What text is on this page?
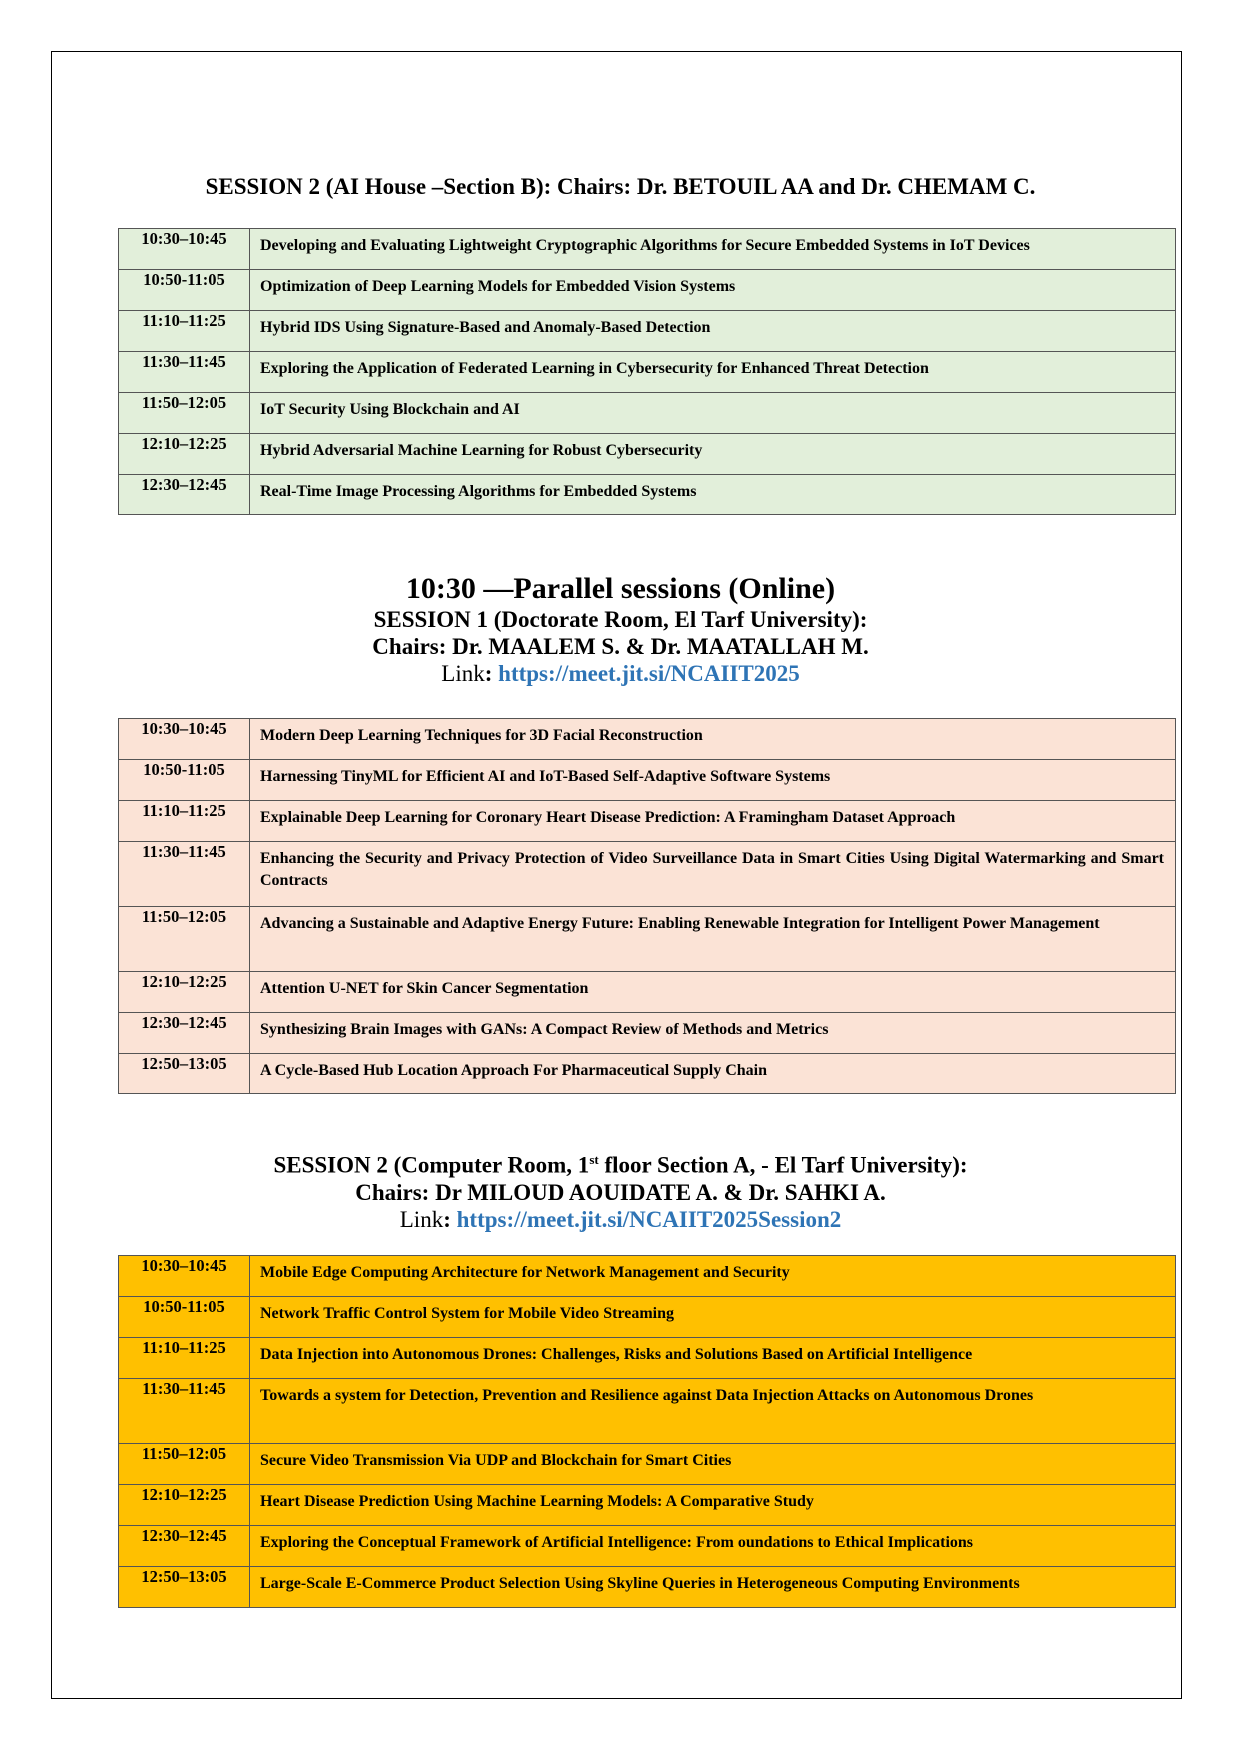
SESSION 2 (AI House –Section B): Chairs: Dr. BETOUIL AA and Dr. CHEMAM C.
10:30–10:45	Developing and Evaluating Lightweight Cryptographic Algorithms for Secure Embedded Systems in IoT Devices
10:50-11:05	Optimization of Deep Learning Models for Embedded Vision Systems
11:10–11:25	Hybrid IDS Using Signature-Based and Anomaly-Based Detection
11:30–11:45	Exploring the Application of Federated Learning in Cybersecurity for Enhanced Threat Detection
11:50–12:05	IoT Security Using Blockchain and AI
12:10–12:25	Hybrid Adversarial Machine Learning for Robust Cybersecurity
12:30–12:45	Real-Time Image Processing Algorithms for Embedded Systems
10:30 —Parallel sessions (Online)
SESSION 1 (Doctorate Room, El Tarf University):
Chairs: Dr. MAALEM S. & Dr. MAATALLAH M.
Link: https://meet.jit.si/NCAIIT2025
10:30–10:45	Modern Deep Learning Techniques for 3D Facial Reconstruction
10:50-11:05	Harnessing TinyML for Efficient AI and IoT-Based Self-Adaptive Software Systems
11:10–11:25	Explainable Deep Learning for Coronary Heart Disease Prediction: A Framingham Dataset Approach
11:30–11:45	Enhancing the Security and Privacy Protection of Video Surveillance Data in Smart Cities Using Digital Watermarking and Smart Contracts
11:50–12:05	Advancing a Sustainable and Adaptive Energy Future: Enabling Renewable Integration for Intelligent Power Management
12:10–12:25	Attention U-NET for Skin Cancer Segmentation
12:30–12:45	Synthesizing Brain Images with GANs: A Compact Review of Methods and Metrics
12:50–13:05	A Cycle-Based Hub Location Approach For Pharmaceutical Supply Chain
SESSION 2 (Computer Room, 1st floor Section A, - El Tarf University):
Chairs: Dr MILOUD AOUIDATE A. & Dr. SAHKI A.
Link: https://meet.jit.si/NCAIIT2025Session2
10:30–10:45	Mobile Edge Computing Architecture for Network Management and Security
10:50-11:05	Network Traffic Control System for Mobile Video Streaming
11:10–11:25	Data Injection into Autonomous Drones: Challenges, Risks and Solutions Based on Artificial Intelligence
11:30–11:45	Towards a system for Detection, Prevention and Resilience against Data Injection Attacks on Autonomous Drones
11:50–12:05	Secure Video Transmission Via UDP and Blockchain for Smart Cities
12:10–12:25	Heart Disease Prediction Using Machine Learning Models: A Comparative Study
12:30–12:45	Exploring the Conceptual Framework of Artificial Intelligence: From oundations to Ethical Implications
12:50–13:05	Large-Scale E-Commerce Product Selection Using Skyline Queries in Heterogeneous Computing Environments
